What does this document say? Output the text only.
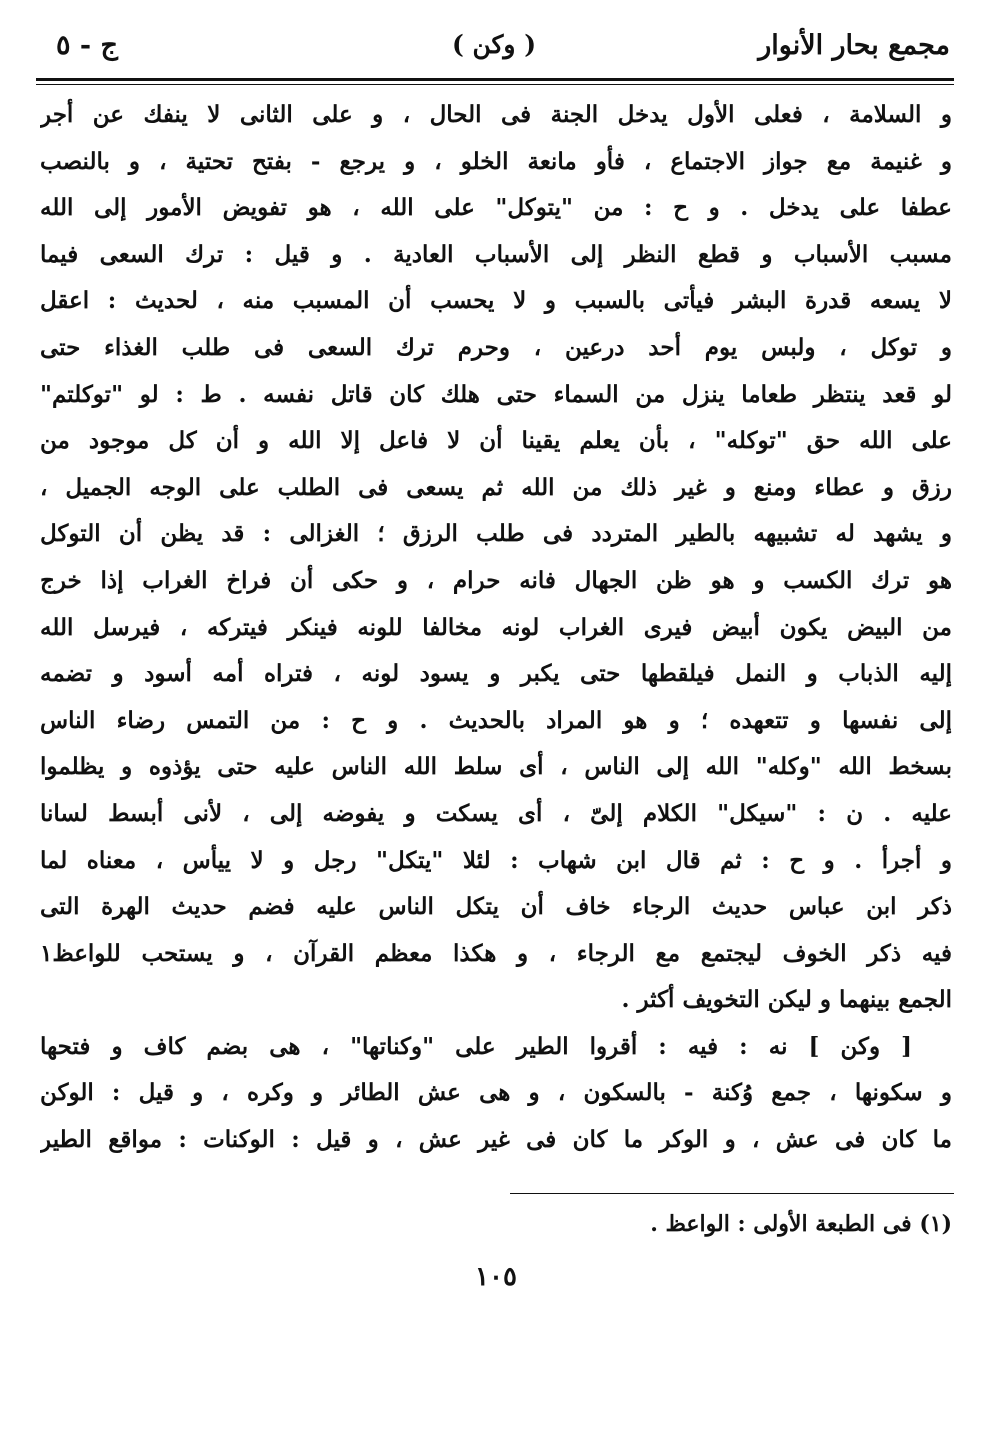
مجمع بحار الأنوار
( وكن )
ج - ٥
و السلامة ، فعلى الأول يدخل الجنة فى الحال ، و على الثانى لا ينفك عن أجر
و غنيمة مع جواز الاجتماع ، فأو مانعة الخلو ، و يرجع - بفتح تحتية ، و بالنصب
عطفا على يدخل . و ح : من "يتوكل" على الله ، هو تفويض الأمور إلى الله
مسبب الأسباب و قطع النظر إلى الأسباب العادية . و قيل : ترك السعى فيما
لا يسعه قدرة البشر فيأتى بالسبب و لا يحسب أن المسبب منه ، لحديث : اعقل
و توكل ، ولبس يوم أحد درعين ، وحرم ترك السعى فى طلب الغذاء حتى
لو قعد ينتظر طعاما ينزل من السماء حتى هلك كان قاتل نفسه . ط : لو "توكلتم"
على الله حق "توكله" ، بأن يعلم يقينا أن لا فاعل إلا الله و أن كل موجود من
رزق و عطاء ومنع و غير ذلك من الله ثم يسعى فى الطلب على الوجه الجميل ،
و يشهد له تشبيهه بالطير المتردد فى طلب الرزق ؛ الغزالى : قد يظن أن التوكل
هو ترك الكسب و هو ظن الجهال فانه حرام ، و حكى أن فراخ الغراب إذا خرج
من البيض يكون أبيض فيرى الغراب لونه مخالفا للونه فينكر فيتركه ، فيرسل الله
إليه الذباب و النمل فيلقطها حتى يكبر و يسود لونه ، فتراه أمه أسود و تضمه
إلى نفسها و تتعهده ؛ و هو المراد بالحديث . و ح : من التمس رضاء الناس
بسخط الله "وكله" الله إلى الناس ، أى سلط الله الناس عليه حتى يؤذوه و يظلموا
عليه . ن : "سيكل" الكلام إلىّ ، أى يسكت و يفوضه إلى ، لأنى أبسط لسانا
و أجرأ . و ح : ثم قال ابن شهاب : لئلا "يتكل" رجل و لا ييأس ، معناه لما
ذكر ابن عباس حديث الرجاء خاف أن يتكل الناس عليه فضم حديث الهرة التى
فيه ذكر الخوف ليجتمع مع الرجاء ، و هكذا معظم القرآن ، و يستحب للواعظ١
الجمع بينهما و ليكن التخويف أكثر .
[ وكن ] نه : فيه : أقروا الطير على "وكناتها" ، هى بضم كاف و فتحها
و سكونها ، جمع وُكنة - بالسكون ، و هى عش الطائر و وكره ، و قيل : الوكن
ما كان فى عش ، و الوكر ما كان فى غير عش ، و قيل : الوكنات : مواقع الطير
(١) فى الطبعة الأولى : الواعظ .
١٠٥
